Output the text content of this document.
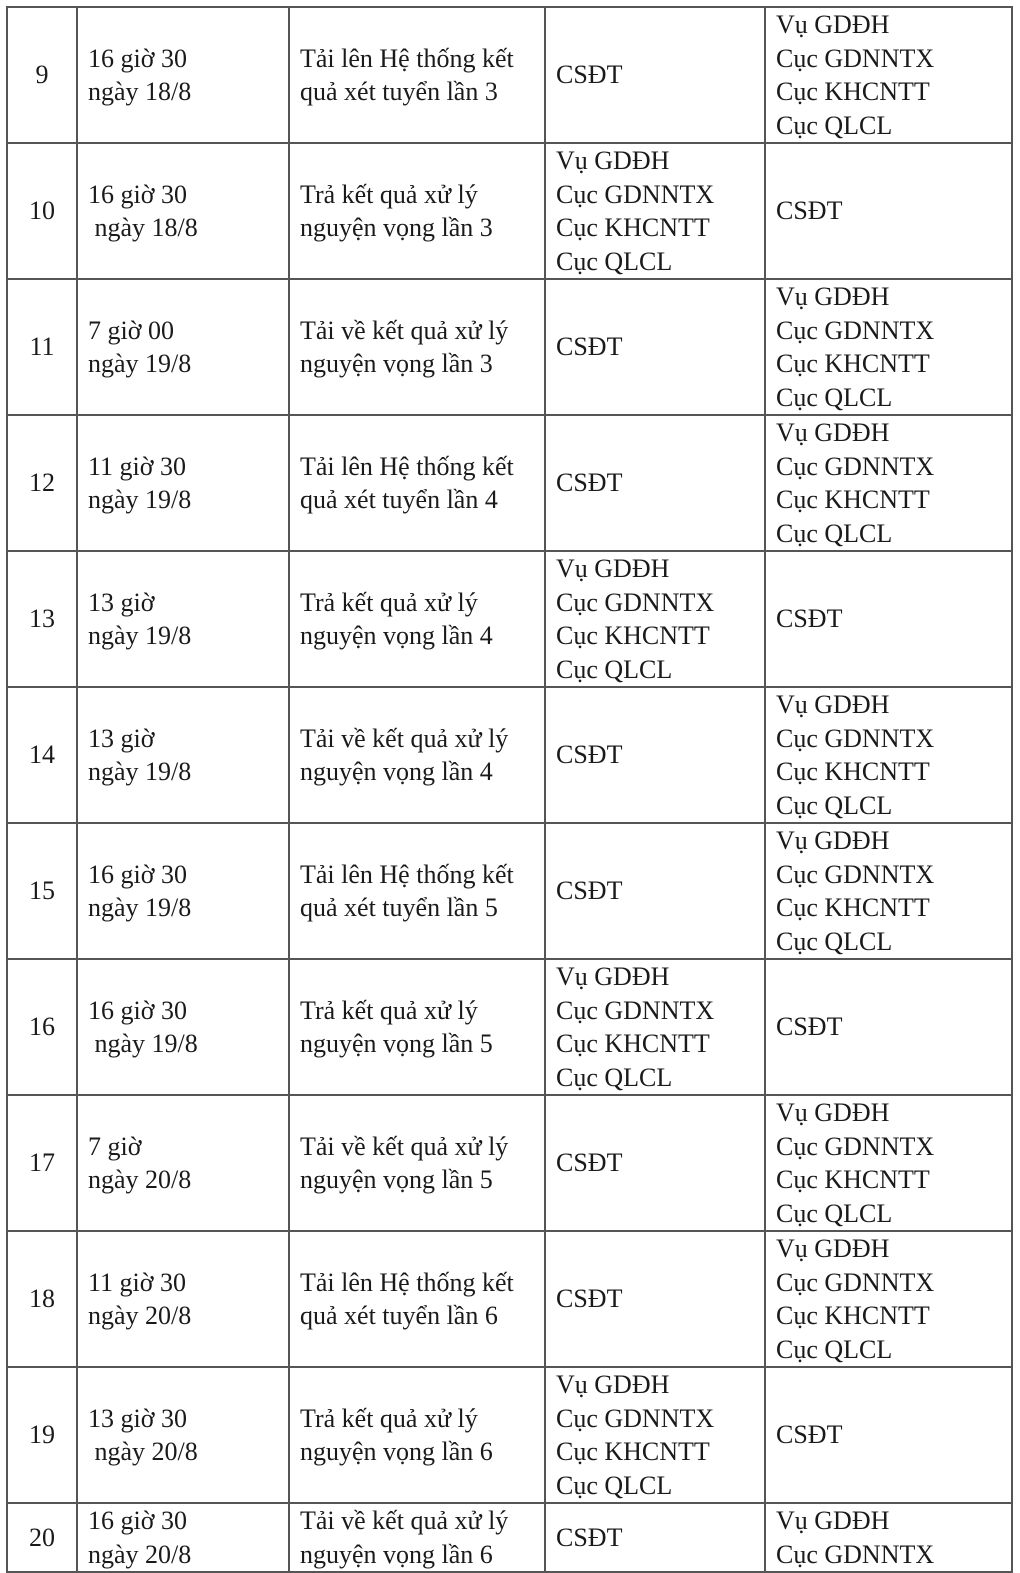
9	16 giờ 30
ngày 18/8	Tải lên Hệ thống kết
quả xét tuyển lần 3	CSĐT	Vụ GDĐH
Cục GDNNTX
Cục KHCNTT
Cục QLCL

10	16 giờ 30
ngày 18/8	Trả kết quả xử lý
nguyện vọng lần 3	Vụ GDĐH
Cục GDNNTX
Cục KHCNTT
Cục QLCL	CSĐT

11	7 giờ 00
ngày 19/8	Tải về kết quả xử lý
nguyện vọng lần 3	CSĐT	Vụ GDĐH
Cục GDNNTX
Cục KHCNTT
Cục QLCL

12	11 giờ 30
ngày 19/8	Tải lên Hệ thống kết
quả xét tuyển lần 4	CSĐT	Vụ GDĐH
Cục GDNNTX
Cục KHCNTT
Cục QLCL

13	13 giờ
ngày 19/8	Trả kết quả xử lý
nguyện vọng lần 4	Vụ GDĐH
Cục GDNNTX
Cục KHCNTT
Cục QLCL	CSĐT

14	13 giờ
ngày 19/8	Tải về kết quả xử lý
nguyện vọng lần 4	CSĐT	Vụ GDĐH
Cục GDNNTX
Cục KHCNTT
Cục QLCL

15	16 giờ 30
ngày 19/8	Tải lên Hệ thống kết
quả xét tuyển lần 5	CSĐT	Vụ GDĐH
Cục GDNNTX
Cục KHCNTT
Cục QLCL

16	16 giờ 30
ngày 19/8	Trả kết quả xử lý
nguyện vọng lần 5	Vụ GDĐH
Cục GDNNTX
Cục KHCNTT
Cục QLCL	CSĐT

17	7 giờ
ngày 20/8	Tải về kết quả xử lý
nguyện vọng lần 5	CSĐT	Vụ GDĐH
Cục GDNNTX
Cục KHCNTT
Cục QLCL

18	11 giờ 30
ngày 20/8	Tải lên Hệ thống kết
quả xét tuyển lần 6	CSĐT	Vụ GDĐH
Cục GDNNTX
Cục KHCNTT
Cục QLCL

19	13 giờ 30
ngày 20/8	Trả kết quả xử lý
nguyện vọng lần 6	Vụ GDĐH
Cục GDNNTX
Cục KHCNTT
Cục QLCL	CSĐT

20	16 giờ 30
ngày 20/8	Tải về kết quả xử lý
nguyện vọng lần 6	CSĐT	Vụ GDĐH
Cục GDNNTX
